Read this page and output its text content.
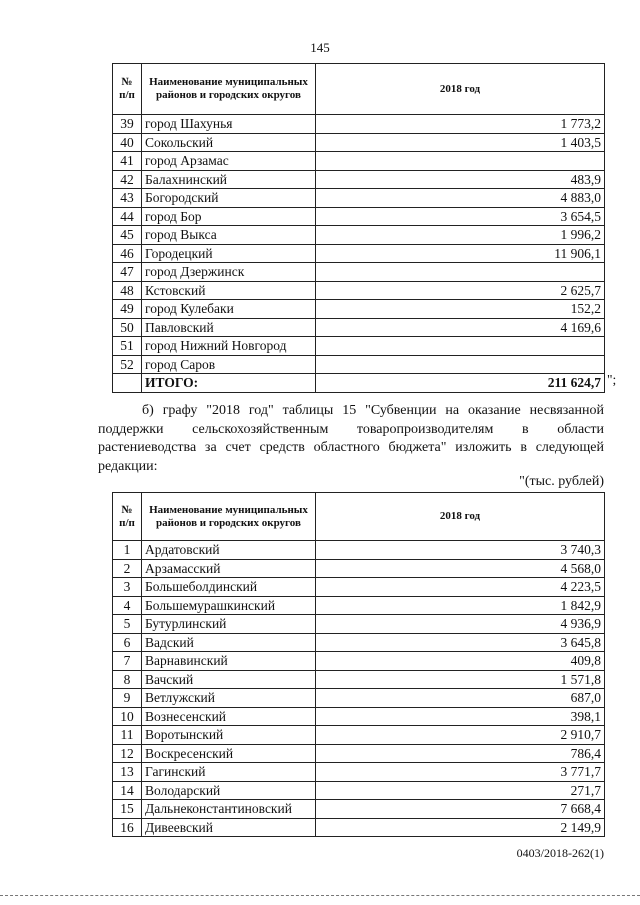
145
№ п/п	Наименование муниципальных районов и городских округов	2018 год
39	город Шахунья	1 773,2
40	Сокольский	1 403,5
41	город Арзамас	
42	Балахнинский	483,9
43	Богородский	4 883,0
44	город Бор	3 654,5
45	город Выкса	1 996,2
46	Городецкий	11 906,1
47	город Дзержинск	
48	Кстовский	2 625,7
49	город Кулебаки	152,2
50	Павловский	4 169,6
51	город Нижний Новгород	
52	город Саров	
	ИТОГО:	211 624,7 ";

б) графу "2018 год" таблицы 15 "Субвенции на оказание несвязанной поддержки сельскохозяйственным товаропроизводителям в области растениеводства за счет средств областного бюджета" изложить в следующей редакции:

"(тыс. рублей)
№ п/п	Наименование муниципальных районов и городских округов	2018 год
1	Ардатовский	3 740,3
2	Арзамасский	4 568,0
3	Большеболдинский	4 223,5
4	Большемурашкинский	1 842,9
5	Бутурлинский	4 936,9
6	Вадский	3 645,8
7	Варнавинский	409,8
8	Вачский	1 571,8
9	Ветлужский	687,0
10	Вознесенский	398,1
11	Воротынский	2 910,7
12	Воскресенский	786,4
13	Гагинский	3 771,7
14	Володарский	271,7
15	Дальнеконстантиновский	7 668,4
16	Дивеевский	2 149,9
0403/2018-262(1)
